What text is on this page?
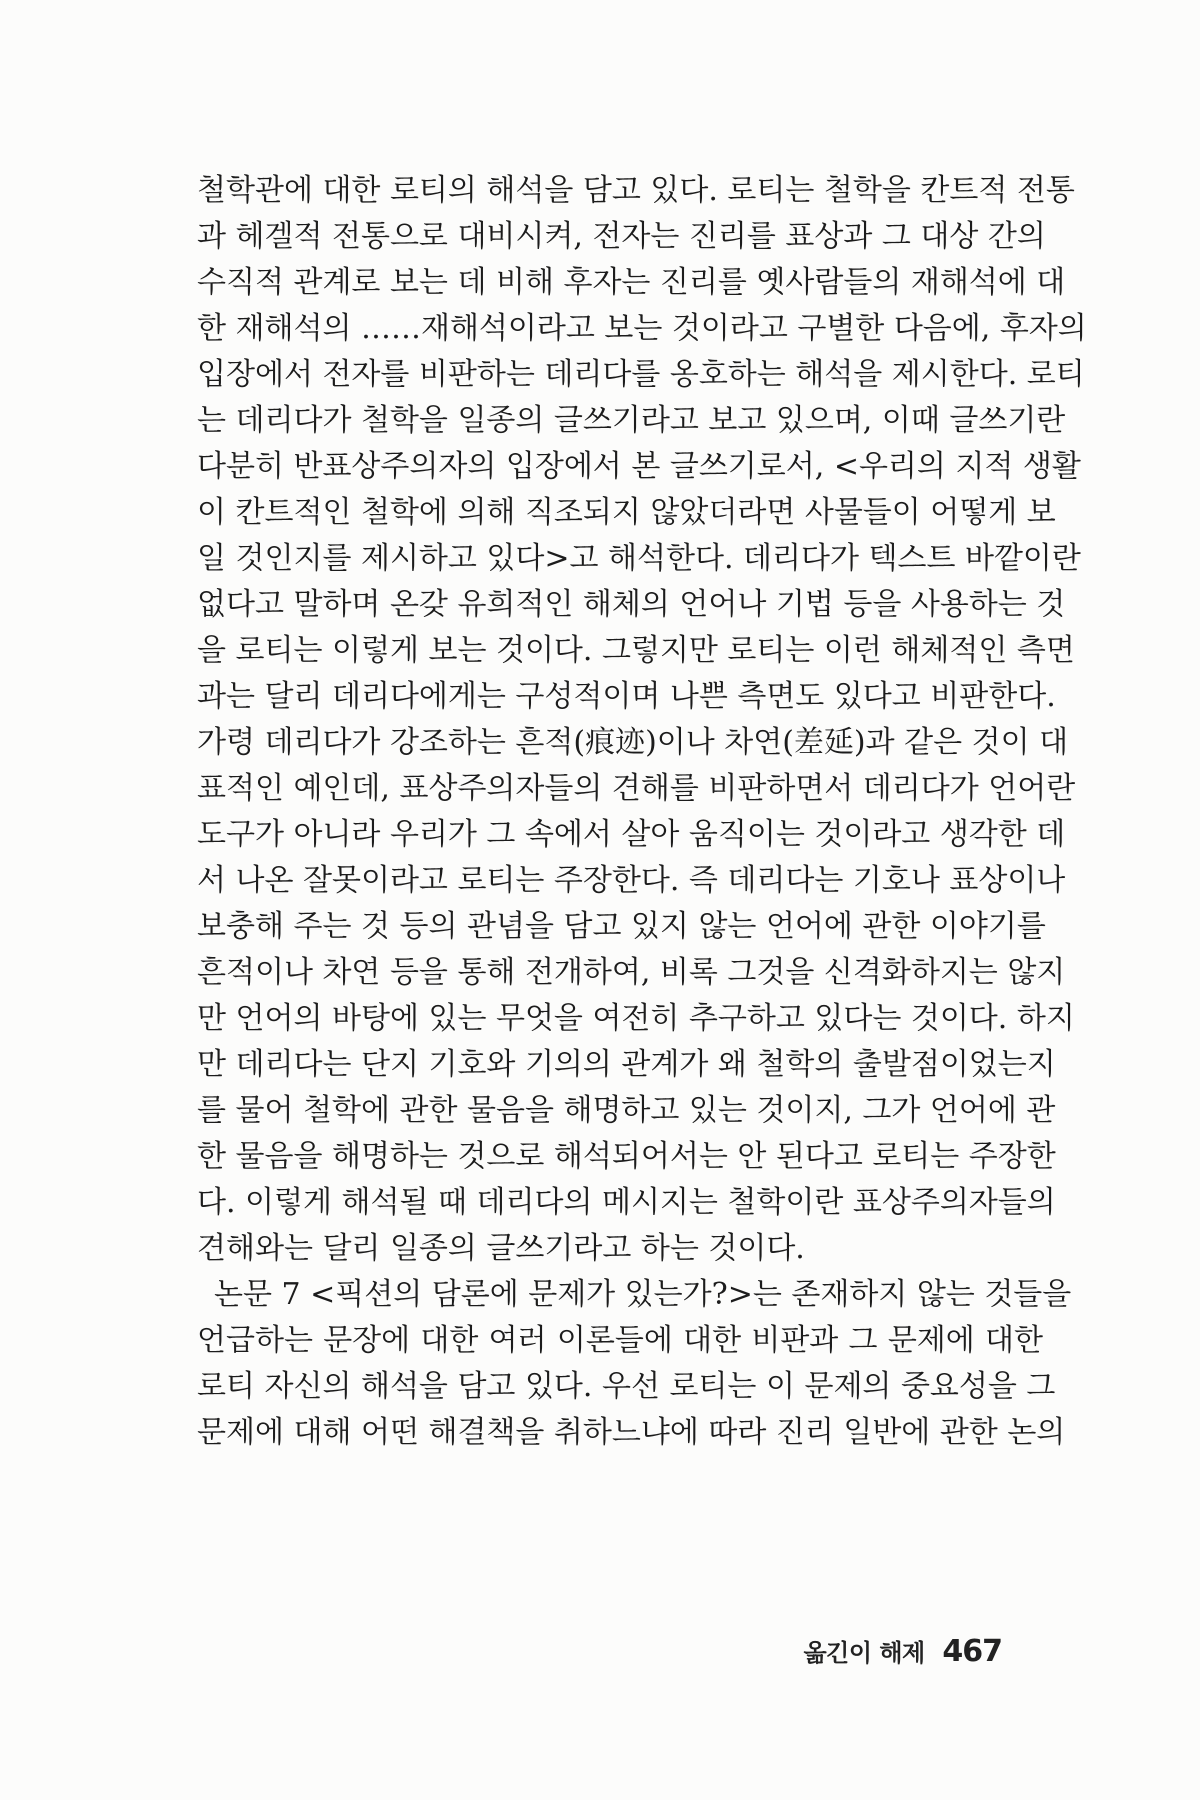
철학관에 대한 로티의 해석을 담고 있다. 로티는 철학을 칸트적 전통
과 헤겔적 전통으로 대비시켜, 전자는 진리를 표상과 그 대상 간의
수직적 관계로 보는 데 비해 후자는 진리를 옛사람들의 재해석에 대
한 재해석의 ……재해석이라고 보는 것이라고 구별한 다음에, 후자의
입장에서 전자를 비판하는 데리다를 옹호하는 해석을 제시한다. 로티
는 데리다가 철학을 일종의 글쓰기라고 보고 있으며, 이때 글쓰기란
다분히 반표상주의자의 입장에서 본 글쓰기로서, <우리의 지적 생활
이 칸트적인 철학에 의해 직조되지 않았더라면 사물들이 어떻게 보
일 것인지를 제시하고 있다>고 해석한다. 데리다가 텍스트 바깥이란
없다고 말하며 온갖 유희적인 해체의 언어나 기법 등을 사용하는 것
을 로티는 이렇게 보는 것이다. 그렇지만 로티는 이런 해체적인 측면
과는 달리 데리다에게는 구성적이며 나쁜 측면도 있다고 비판한다.
가령 데리다가 강조하는 흔적(痕迹)이나 차연(差延)과 같은 것이 대
표적인 예인데, 표상주의자들의 견해를 비판하면서 데리다가 언어란
도구가 아니라 우리가 그 속에서 살아 움직이는 것이라고 생각한 데
서 나온 잘못이라고 로티는 주장한다. 즉 데리다는 기호나 표상이나
보충해 주는 것 등의 관념을 담고 있지 않는 언어에 관한 이야기를
흔적이나 차연 등을 통해 전개하여, 비록 그것을 신격화하지는 않지
만 언어의 바탕에 있는 무엇을 여전히 추구하고 있다는 것이다. 하지
만 데리다는 단지 기호와 기의의 관계가 왜 철학의 출발점이었는지
를 물어 철학에 관한 물음을 해명하고 있는 것이지, 그가 언어에 관
한 물음을 해명하는 것으로 해석되어서는 안 된다고 로티는 주장한
다. 이렇게 해석될 때 데리다의 메시지는 철학이란 표상주의자들의
견해와는 달리 일종의 글쓰기라고 하는 것이다.
논문 7 <픽션의 담론에 문제가 있는가?>는 존재하지 않는 것들을
언급하는 문장에 대한 여러 이론들에 대한 비판과 그 문제에 대한
로티 자신의 해석을 담고 있다. 우선 로티는 이 문제의 중요성을 그
문제에 대해 어떤 해결책을 취하느냐에 따라 진리 일반에 관한 논의
옮긴이 해제 467
